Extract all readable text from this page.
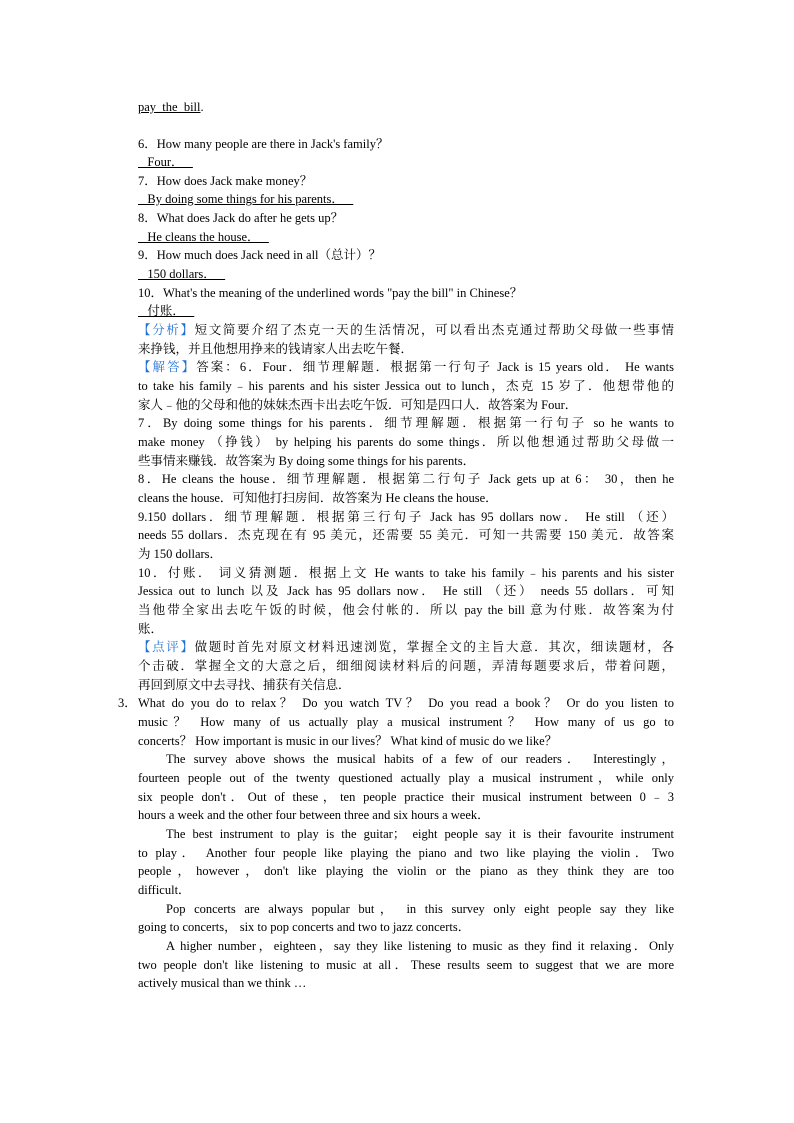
pay_the_bill.
6．How many people are there in Jack's family？
Four．
7．How does Jack make money？
By doing some things for his parents．
8．What does Jack do after he gets up？
He cleans the house．
9．How much does Jack need in all（总计）？
150 dollars．
10．What's the meaning of the underlined words "pay the bill" in Chinese？
付账．
【分析】短文简要介绍了杰克一天的生活情况，可以看出杰克通过帮助父母做一些事情
来挣钱，并且他想用挣来的钱请家人出去吃午餐．
【解答】答案：6．Four．细节理解题．根据第一行句子 Jack is 15 years old． He wants
to take his family﹣his parents and his sister Jessica out to lunch，杰克 15 岁了．他想带他的
家人﹣他的父母和他的妹妹杰西卡出去吃午饭．可知是四口人．故答案为 Four．
7．By doing some things for his parents．细节理解题．根据第一行句子 so he wants to
make money （挣钱） by helping his parents do some things．所以他想通过帮助父母做一
些事情来赚钱．故答案为 By doing some things for his parents．
8．He cleans the house．细节理解题．根据第二行句子 Jack gets up at 6： 30，then he
cleans the house．可知他打扫房间．故答案为 He cleans the house．
9.150 dollars．细节理解题．根据第三行句子 Jack has 95 dollars now． He still （还）
needs 55 dollars．杰克现在有 95 美元，还需要 55 美元．可知一共需要 150 美元．故答案
为 150 dollars．
10．付账． 词义猜测题．根据上文 He wants to take his family﹣his parents and his sister
Jessica out to lunch 以及 Jack has 95 dollars now． He still （还） needs 55 dollars．可知
当他带全家出去吃午饭的时候，他会付帐的．所以 pay the bill 意为付账．故答案为付
账．
【点评】做题时首先对原文材料迅速浏览，掌握全文的主旨大意．其次，细读题材，各
个击破．掌握全文的大意之后，细细阅读材料后的问题，弄清每题要求后，带着问题，
再回到原文中去寻找、捕获有关信息．
3． What do you do to relax？ Do you watch TV？ Do you read a book？ Or do you listen to
music？ How many of us actually play a musical instrument？ How many of us go to
concerts？ How important is music in our lives？ What kind of music do we like？
The survey above shows the musical habits of a few of our readers． Interestingly，
fourteen people out of the twenty questioned actually play a musical instrument，while only
six people don't．Out of these，ten people practice their musical instrument between 0﹣3
hours a week and the other four between three and six hours a week．
The best instrument to play is the guitar； eight people say it is their favourite instrument
to play． Another four people like playing the piano and two like playing the violin．Two
people，however，don't like playing the violin or the piano as they think they are too
difficult．
Pop concerts are always popular but， in this survey only eight people say they like
going to concerts， six to pop concerts and two to jazz concerts．
A higher number，eighteen，say they like listening to music as they find it relaxing．Only
two people don't like listening to music at all．These results seem to suggest that we are more
actively musical than we think …
